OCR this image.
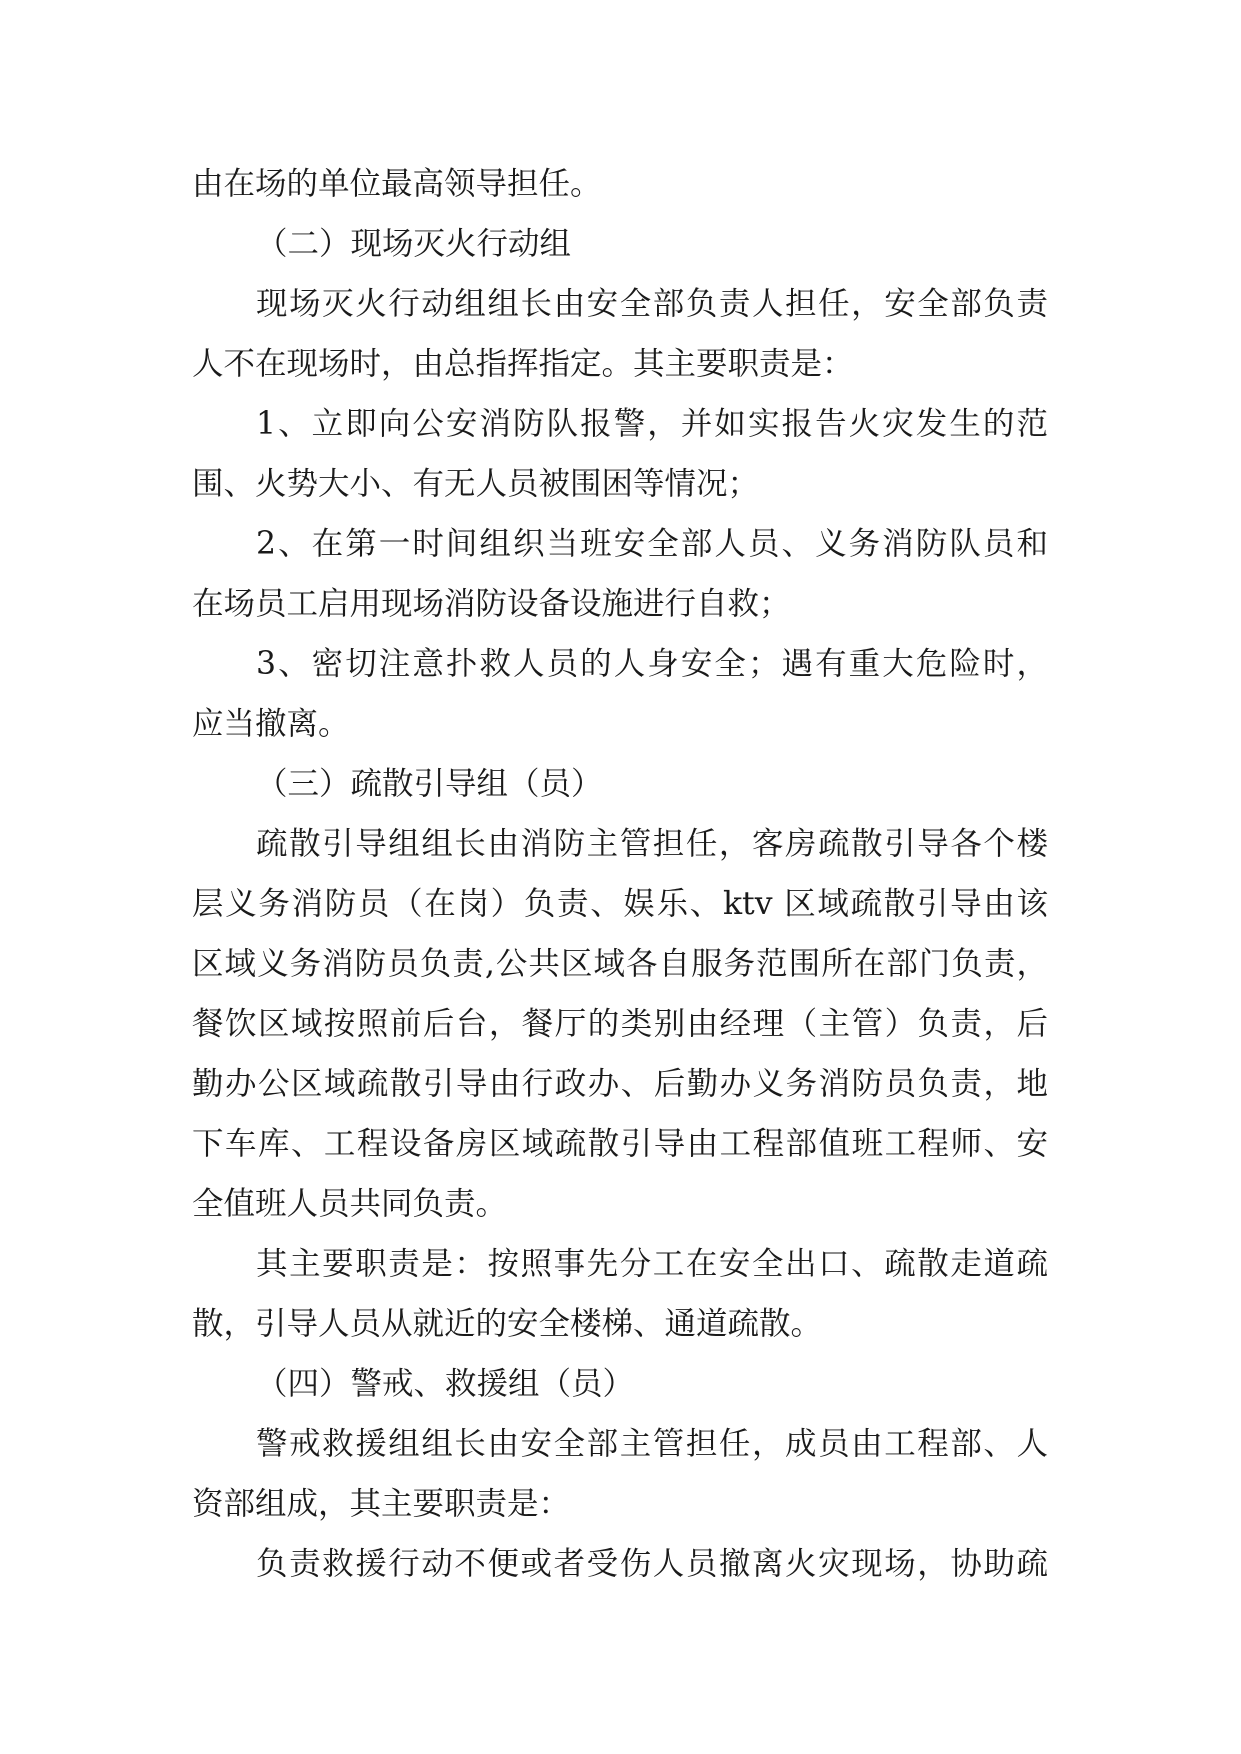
由在场的单位最高领导担任。

（二）现场灭火行动组

现场灭火行动组组长由安全部负责人担任，安全部负责

人不在现场时，由总指挥指定。其主要职责是：

1、立即向公安消防队报警，并如实报告火灾发生的范

围、火势大小、有无人员被围困等情况；

2、在第一时间组织当班安全部人员、义务消防队员和

在场员工启用现场消防设备设施进行自救；

3、密切注意扑救人员的人身安全；遇有重大危险时，

应当撤离。

（三）疏散引导组（员）

疏散引导组组长由消防主管担任，客房疏散引导各个楼

层义务消防员（在岗）负责、娱乐、ktv 区域疏散引导由该

区域义务消防员负责,公共区域各自服务范围所在部门负责，

餐饮区域按照前后台，餐厅的类别由经理（主管）负责，后

勤办公区域疏散引导由行政办、后勤办义务消防员负责，地

下车库、工程设备房区域疏散引导由工程部值班工程师、安

全值班人员共同负责。

其主要职责是：按照事先分工在安全出口、疏散走道疏

散，引导人员从就近的安全楼梯、通道疏散。

（四）警戒、救援组（员）

警戒救援组组长由安全部主管担任，成员由工程部、人

资部组成，其主要职责是：

负责救援行动不便或者受伤人员撤离火灾现场，协助疏
